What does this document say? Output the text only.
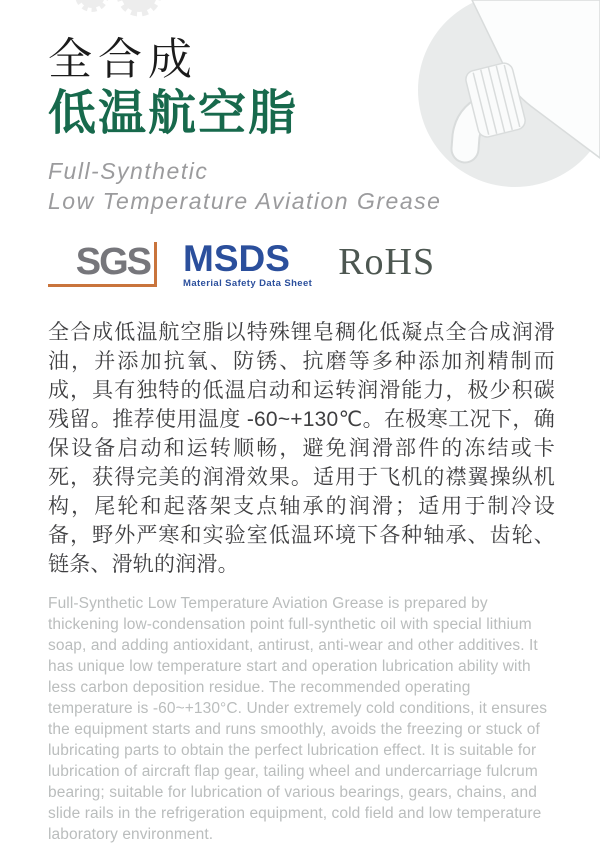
全合成
低温航空脂
Full-Synthetic
Low Temperature Aviation Grease
SGS MSDS
Material Safety Data Sheet
RoHS
全合成低温航空脂以特殊锂皂稠化低凝点全合成润滑油，并添加抗氧、防锈、抗磨等多种添加剂精制而成，具有独特的低温启动和运转润滑能力，极少积碳残留。推荐使用温度 -60~+130℃。在极寒工况下，确保设备启动和运转顺畅，避免润滑部件的冻结或卡死，获得完美的润滑效果。适用于飞机的襟翼操纵机构，尾轮和起落架支点轴承的润滑；适用于制冷设备，野外严寒和实验室低温环境下各种轴承、齿轮、链条、滑轨的润滑。
Full-Synthetic Low Temperature Aviation Grease is prepared by thickening low-condensation point full-synthetic oil with special lithium soap, and adding antioxidant, antirust, anti-wear and other additives. It has unique low temperature start and operation lubrication ability with less carbon deposition residue. The recommended operating temperature is -60~+130°C. Under extremely cold conditions, it ensures the equipment starts and runs smoothly, avoids the freezing or stuck of lubricating parts to obtain the perfect lubrication effect. It is suitable for lubrication of aircraft flap gear, tailing wheel and undercarriage fulcrum bearing; suitable for lubrication of various bearings, gears, chains, and slide rails in the refrigeration equipment, cold field and low temperature laboratory environment.
